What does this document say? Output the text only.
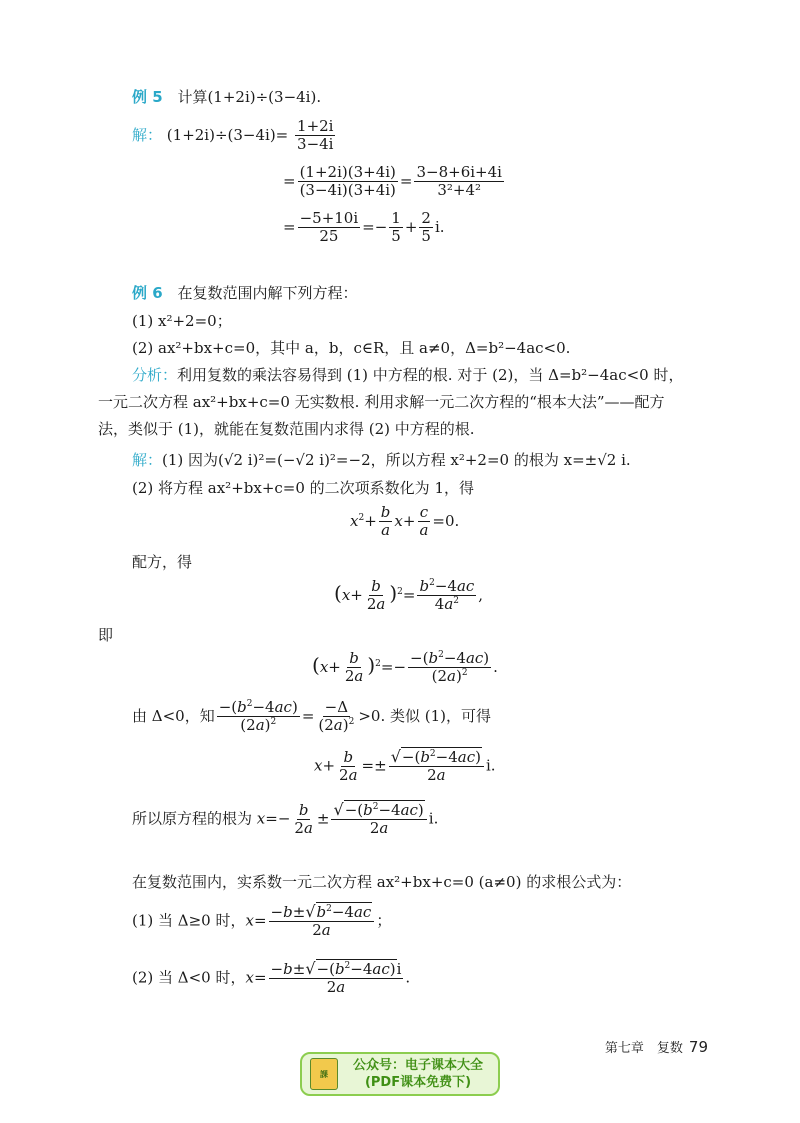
例 5 计算(1+2i)÷(3−4i).
解： $(1+2i)\div(3-4i)= \frac{1+2i}{3-4i}$
= $\frac{(1+2i)(3+4i)}{(3-4i)(3+4i)} = \frac{3-8+6i+4i}{\text{3²+4²}}$
= $\frac{-5+10i}{25} =- \frac{1}{5} + \frac{2}{5} i$.
例 6 在复数范围内解下列方程：
(1) x²+2=0；
(2) ax²+bx+c=0，其中 a，b，c∈R，且 a≠0，Δ=b²−4ac<0.
分析：利用复数的乘法容易得到 (1) 中方程的根. 对于 (2)，当 Δ=b²−4ac<0 时，
一元二次方程 ax²+bx+c=0 无实数根. 利用求解一元二次方程的“根本大法”——配方
法，类似于 (1)，就能在复数范围内求得 (2) 中方程的根.
解：(1) 因为(√2 i)²=(−√2 i)²=−2，所以方程 x²+2=0 的根为 x=±√2 i.
(2) 将方程 ax²+bx+c=0 的二次项系数化为 1，得
$x^2+ \frac{b}{a} x+ \frac{c}{a} =0$.
配方，得
$(x+ \frac{b}{2a} )^2= \frac{b^2-4ac}{4a^2}$ ,
即
$(x+ \frac{b}{2a} )^2=- \frac{-(b^2-4ac)}{(2a)^2}$ .
由 Δ<0，知 $\frac{-(b^2-4ac)}{(2a)^2} = \frac{-\Delta}{(2a)^2} >0$. 类似 (1)，可得
$x+ \frac{b}{2a} =\pm \frac{√-(b^2-4ac)}{2a} i$.
所以原方程的根为 $x=- \frac{b}{2a} \pm \frac{√-(b^2-4ac)}{2a} i$.
在复数范围内，实系数一元二次方程 ax²+bx+c=0 (a≠0) 的求根公式为：
(1) 当 Δ≥0 时，$x= \frac{-b\pm√b^2-4ac}{2a}$ ；
(2) 当 Δ<0 时，$x= \frac{-b\pm√-(b^2-4ac)i}{2a}$ .
第七章　复数 79
課
公众号：电子课本大全
(PDF课本免费下)
